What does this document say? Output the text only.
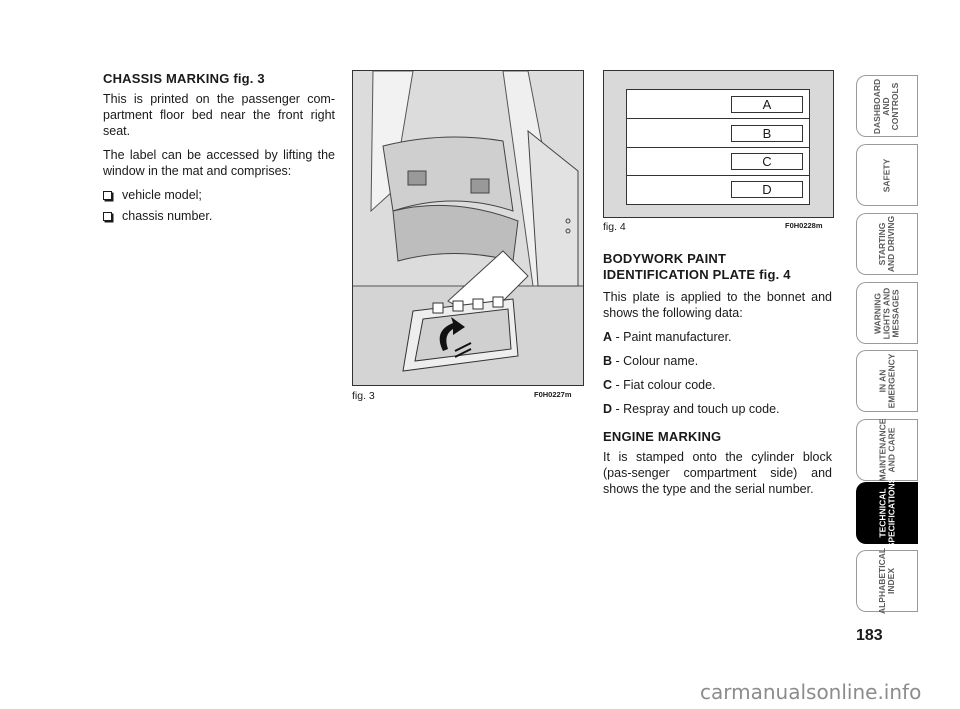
CHASSIS MARKING fig. 3

This is printed on the passenger com-partment floor bed near the front right seat.

The label can be accessed by lifting the window in the mat and comprises:

vehicle model;
chassis number.
fig. 3	F0H0227m
A
B
C
D
fig. 4	F0H0228m

BODYWORK PAINT
IDENTIFICATION PLATE fig. 4

This plate is applied to the bonnet and shows the following data:

A - Paint manufacturer.

B - Colour name.

C - Fiat colour code.

D - Respray and touch up code.

ENGINE MARKING

It is stamped onto the cylinder block (pas-senger compartment side) and shows the type and the serial number.

DASHBOARD
AND
CONTROLS
SAFETY
STARTING
AND DRIVING
WARNING
LIGHTS AND
MESSAGES
IN AN
EMERGENCY
MAINTENANCE
AND CARE
TECHNICAL
SPECIFICATIONS
ALPHABETICAL
INDEX
183
carmanualsonline.info
